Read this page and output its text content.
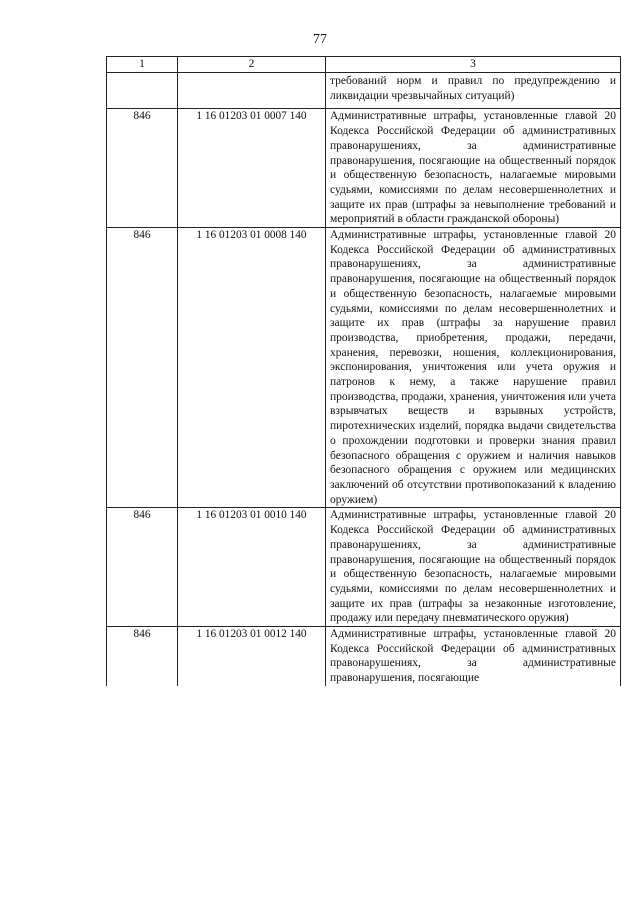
77
1	2	3
		требований норм и правил по предупреждению и ликвидации чрезвычайных ситуаций)
846	1 16 01203 01 0007 140	Административные штрафы, установленные главой 20 Кодекса Российской Федерации об административных правонарушениях, за административные правонарушения, посягающие на общественный порядок и общественную безопасность, налагаемые мировыми судьями, комиссиями по делам несовершеннолетних и защите их прав (штрафы за невыполнение требований и мероприятий в области гражданской обороны)
846	1 16 01203 01 0008 140	Административные штрафы, установленные главой 20 Кодекса Российской Федерации об административных правонарушениях, за административные правонарушения, посягающие на общественный порядок и общественную безопасность, налагаемые мировыми судьями, комиссиями по делам несовершеннолетних и защите их прав (штрафы за нарушение правил производства, приобретения, продажи, передачи, хранения, перевозки, ношения, коллекционирования, экспонирования, уничтожения или учета оружия и патронов к нему, а также нарушение правил производства, продажи, хранения, уничтожения или учета взрывчатых веществ и взрывных устройств, пиротехнических изделий, порядка выдачи свидетельства о прохождении подготовки и проверки знания правил безопасного обращения с оружием и наличия навыков безопасного обращения с оружием или медицинских заключений об отсутствии противопоказаний к владению оружием)
846	1 16 01203 01 0010 140	Административные штрафы, установленные главой 20 Кодекса Российской Федерации об административных правонарушениях, за административные правонарушения, посягающие на общественный порядок и общественную безопасность, налагаемые мировыми судьями, комиссиями по делам несовершеннолетних и защите их прав (штрафы за незаконные изготовление, продажу или передачу пневматического оружия)
846	1 16 01203 01 0012 140	Административные штрафы, установленные главой 20 Кодекса Российской Федерации об административных правонарушениях, за административные правонарушения, посягающие
